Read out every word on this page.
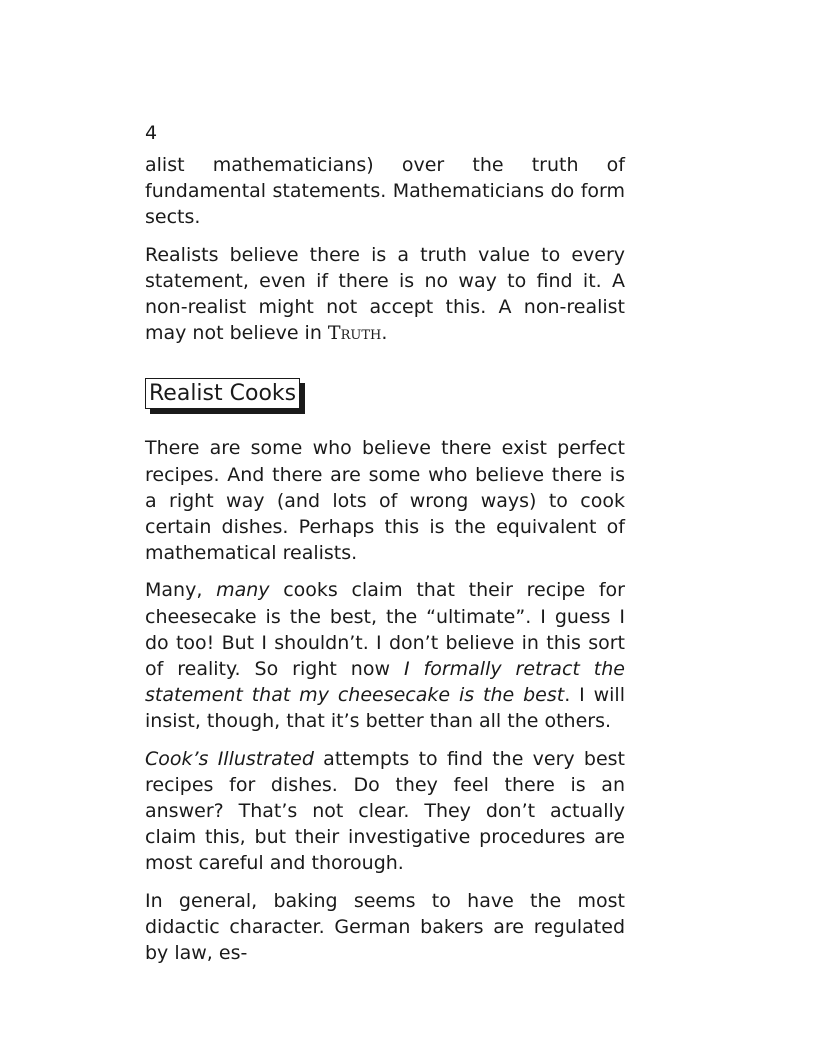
4

alist mathematicians) over the truth of fundamental statements. Mathematicians do form sects.

Realists believe there is a truth value to every statement, even if there is no way to find it. A non-realist might not accept this. A non-realist may not believe in Truth.

Realist Cooks

There are some who believe there exist perfect recipes. And there are some who believe there is a right way (and lots of wrong ways) to cook certain dishes. Perhaps this is the equivalent of mathematical realists.

Many, many cooks claim that their recipe for cheesecake is the best, the “ultimate”. I guess I do too! But I shouldn’t. I don’t believe in this sort of reality. So right now I formally retract the statement that my cheesecake is the best. I will insist, though, that it’s better than all the others.

Cook’s Illustrated attempts to find the very best recipes for dishes. Do they feel there is an answer? That’s not clear. They don’t actually claim this, but their investigative procedures are most careful and thorough.

In general, baking seems to have the most didactic character. German bakers are regulated by law, es-
